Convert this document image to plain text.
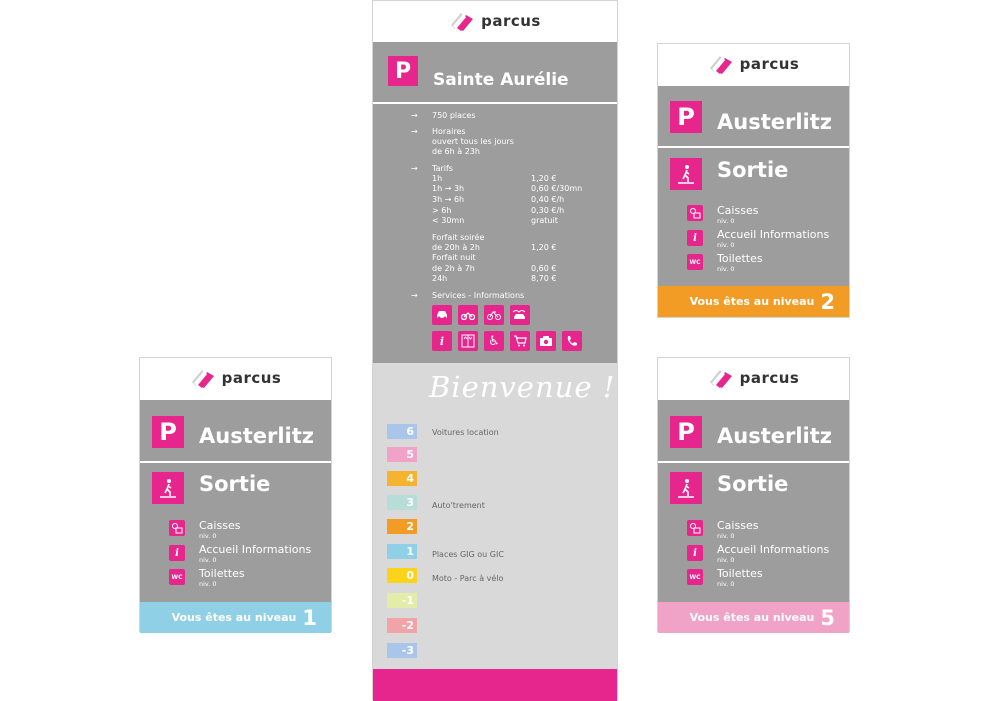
parcus
P	Sainte Aurélie
→ 750 places
→ Horaires
ouvert tous les jours
de 6h à 23h
→ Tarifs
1h	1,20 €
1h → 3h	0,60 €/30mn
3h → 6h	0,40 €/h
> 6h	0,30 €/h
< 30mn	gratuit
Forfait soirée
de 20h à 2h	1,20 €
Forfait nuit
de 2h à 7h	0,60 €
24h	8,70 €
→ Services - Informations
i	♿
Bienvenue !
6	Voitures location
5
4
3	Auto'trement
2
1	Places GIG ou GIC
0	Moto - Parc à vélo
-1
-2
-3
parcus
P	Austerlitz
Sortie
Caisses
niv. 0
i	Accueil Informations
niv. 0
WC Toilettes
niv. 0
Vous êtes au niveau 1
parcus
P	Austerlitz
Sortie
Caisses
niv. 0
i	Accueil Informations
niv. 0
WC Toilettes
niv. 0
Vous êtes au niveau 2
parcus
P	Austerlitz
Sortie
Caisses
niv. 0
i	Accueil Informations
niv. 0
WC Toilettes
niv. 0
Vous êtes au niveau 5
